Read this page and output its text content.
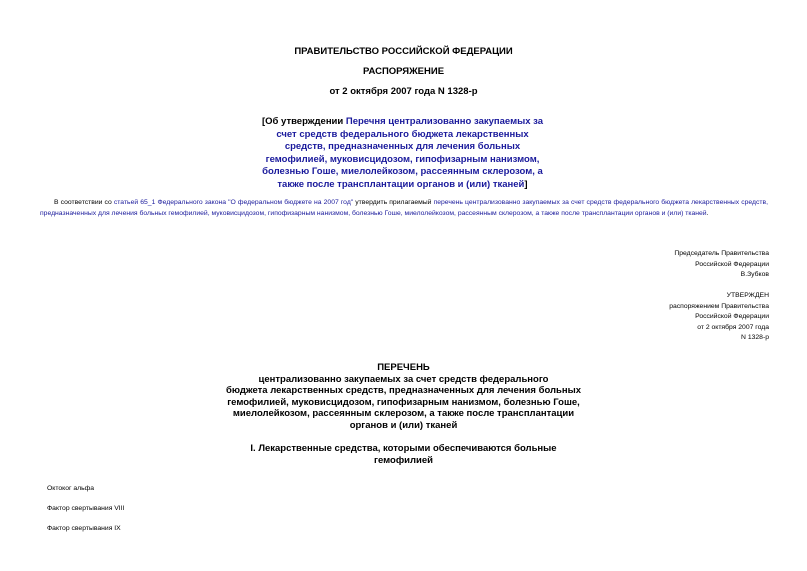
ПРАВИТЕЛЬСТВО РОССИЙСКОЙ ФЕДЕРАЦИИ
РАСПОРЯЖЕНИЕ
от 2 октября 2007 года N 1328-р
[Об утверждении Перечня централизованно закупаемых за счет средств федерального бюджета лекарственных средств, предназначенных для лечения больных гемофилией, муковисцидозом, гипофизарным нанизмом, болезнью Гоше, миелолейкозом, рассеянным склерозом, а также после трансплантации органов и (или) тканей]
В соответствии со статьей 65_1 Федерального закона "О федеральном бюджете на 2007 год" утвердить прилагаемый перечень централизованно закупаемых за счет средств федерального бюджета лекарственных средств, предназначенных для лечения больных гемофилией, муковисцидозом, гипофизарным нанизмом, болезнью Гоше, миелолейкозом, рассеянным склерозом, а также после трансплантации органов и (или) тканей.
Председатель Правительства
Российской Федерации
В.Зубков
УТВЕРЖДЕН
распоряжением Правительства
Российской Федерации
от 2 октября 2007 года
N 1328-р
ПЕРЕЧЕНЬ
централизованно закупаемых за счет средств федерального
бюджета лекарственных средств, предназначенных для лечения больных
гемофилией, муковисцидозом, гипофизарным нанизмом, болезнью Гоше,
миелолейкозом, рассеянным склерозом, а также после трансплантации
органов и (или) тканей
I. Лекарственные средства, которыми обеспечиваются больные
гемофилией
Октоког альфа
Фактор свертывания VIII
Фактор свертывания IX
